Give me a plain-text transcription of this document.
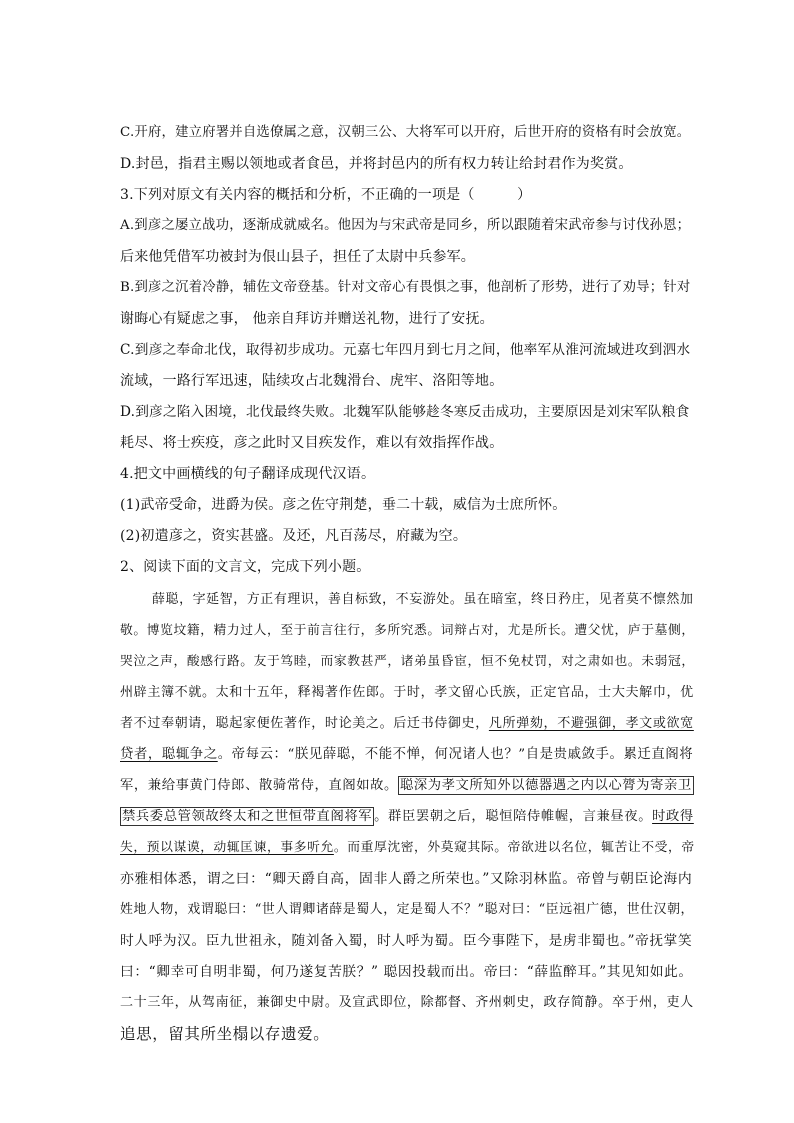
C.开府，建立府署并自选僚属之意，汉朝三公、大将军可以开府，后世开府的资格有时会放宽。
D.封邑，指君主赐以领地或者食邑，并将封邑内的所有权力转让给封君作为奖赏。
3.下列对原文有关内容的概括和分析，不正确的一项是（　　　）
A.到彦之屡立战功，逐渐成就威名。他因为与宋武帝是同乡，所以跟随着宋武帝参与讨伐孙恩；
后来他凭借军功被封为佷山县子，担任了太尉中兵参军。
B.到彦之沉着冷静，辅佐文帝登基。针对文帝心有畏惧之事，他剖析了形势，进行了劝导；针对
谢晦心有疑虑之事， 他亲自拜访并赠送礼物，进行了安抚。
C.到彦之奉命北伐，取得初步成功。元嘉七年四月到七月之间，他率军从淮河流域进攻到泗水
流域，一路行军迅速，陆续攻占北魏滑台、虎牢、洛阳等地。
D.到彦之陷入困境，北伐最终失败。北魏军队能够趁冬寒反击成功，主要原因是刘宋军队粮食
耗尽、将士疾疫，彦之此时又目疾发作，难以有效指挥作战。
4.把文中画横线的句子翻译成现代汉语。
(1)武帝受命，进爵为侯。彦之佐守荆楚，垂二十载，威信为士庶所怀。
(2)初遣彦之，资实甚盛。及还，凡百荡尽，府藏为空。
2、阅读下面的文言文，完成下列小题。
薛聪，字延智，方正有理识，善自标致，不妄游处。虽在暗室，终日矜庄，见者莫不懔然加
敬。博览坟籍，精力过人，至于前言往行，多所究悉。词辩占对，尤是所长。遭父忧，庐于墓侧，
哭泣之声，酸感行路。友于笃睦，而家教甚严，诸弟虽昏宦，恒不免杖罚，对之肃如也。未弱冠，
州辟主簿不就。太和十五年，释褐著作佐郎。于时，孝文留心氏族，正定官品，士大夫解巾，优
者不过奉朝请，聪起家便佐著作，时论美之。后迁书侍御史，凡所弹劾，不避强御，孝文或欲宽
贷者，聪辄争之。帝每云：“朕见薛聪，不能不惮，何况诸人也？”自是贵戚敛手。累迁直阁将
军，兼给事黄门侍郎、散骑常侍，直阁如故。 聪深为孝文所知外以德器遇之内以心膂为寄亲卫
禁兵委总管领故终太和之世恒带直阁将军 。群臣罢朝之后，聪恒陪侍帷幄，言兼昼夜。时政得
失，预以谋谟，动辄匡谏，事多听允。而重厚沈密，外莫窥其际。帝欲进以名位，辄苦让不受，帝
亦雅相体悉，谓之曰：“卿天爵自高，固非人爵之所荣也。”又除羽林监。帝曾与朝臣论海内
姓地人物，戏谓聪曰：“世人谓卿诸薛是蜀人，定是蜀人不？”聪对曰：“臣远祖广德，世仕汉朝，
时人呼为汉。臣九世祖永，随刘备入蜀，时人呼为蜀。臣今事陛下，是虏非蜀也。”帝抚掌笑
曰：“卿幸可自明非蜀，何乃遂复苦朕？” 聪因投载而出。帝曰：“薛监醉耳。”其见知如此。
二十三年，从驾南征，兼御史中尉。及宣武即位，除都督、齐州刺史，政存简静。卒于州，吏人
追思，留其所坐榻以存遗爱。
